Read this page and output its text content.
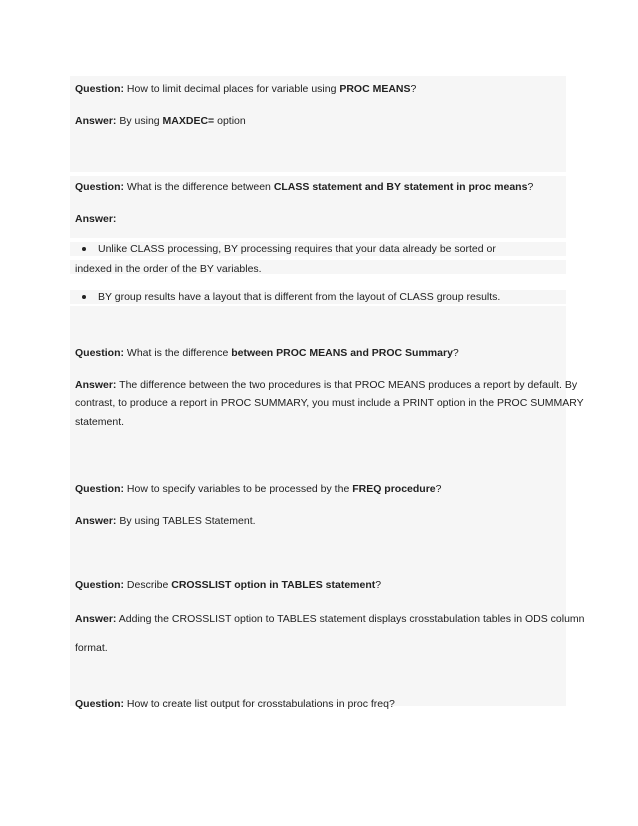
Question: How to limit decimal places for variable using PROC MEANS?
Answer: By using MAXDEC= option
Question: What is the difference between CLASS statement and BY statement in proc means?
Answer:
Unlike CLASS processing, BY processing requires that your data already be sorted or
indexed in the order of the BY variables.
BY group results have a layout that is different from the layout of CLASS group results.
Question: What is the difference between PROC MEANS and PROC Summary?
Answer: The difference between the two procedures is that PROC MEANS produces a report by default. By
contrast, to produce a report in PROC SUMMARY, you must include a PRINT option in the PROC SUMMARY
statement.
Question: How to specify variables to be processed by the FREQ procedure?
Answer: By using TABLES Statement.
Question: Describe CROSSLIST option in TABLES statement?
Answer: Adding the CROSSLIST option to TABLES statement displays crosstabulation tables in ODS column
format.
Question: How to create list output for crosstabulations in proc freq?
